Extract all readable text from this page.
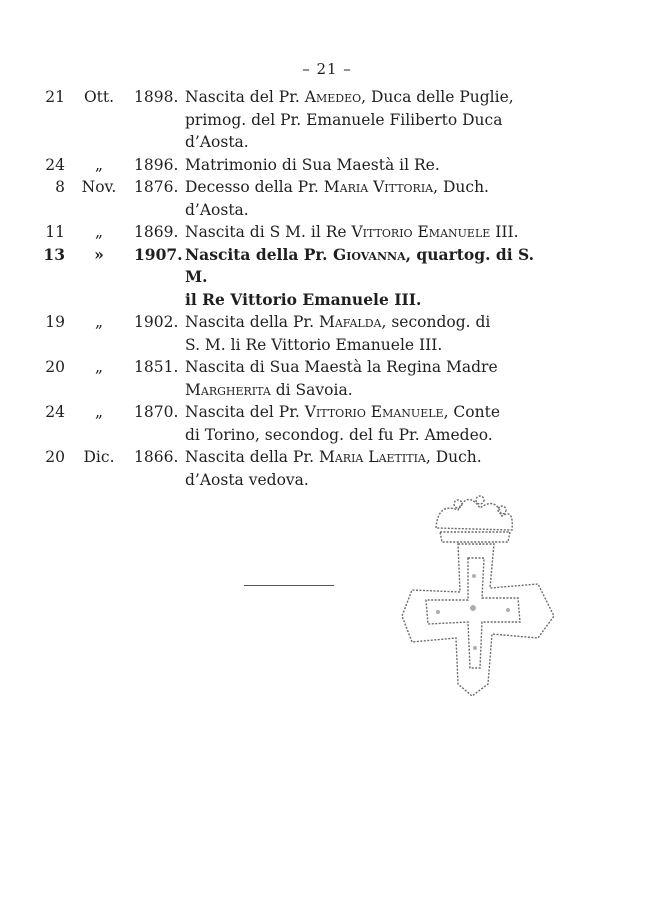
– 21 –
21	Ott.	1898. Nascita del Pr. Amedeo, Duca delle Puglie,
primog. del Pr. Emanuele Filiberto Duca
d’Aosta.
24	„	1896. Matrimonio di Sua Maestà il Re.
8	Nov.	1876. Decesso della Pr. Maria Vittoria, Duch.
d’Aosta.
11	„	1869. Nascita di S M. il Re Vittorio Emanuele III.
13	»	1907. Nascita della Pr. Giovanna, quartog. di S. M.
il Re Vittorio Emanuele III.
19	„	1902. Nascita della Pr. Mafalda, secondog. di
S. M. li Re Vittorio Emanuele III.
20	„	1851. Nascita di Sua Maestà la Regina Madre
Margherita di Savoia.
24	„	1870. Nascita del Pr. Vittorio Emanuele, Conte
di Torino, secondog. del fu Pr. Amedeo.
20	Dic.	1866. Nascita della Pr. Maria Laetitia, Duch.
d’Aosta vedova.
